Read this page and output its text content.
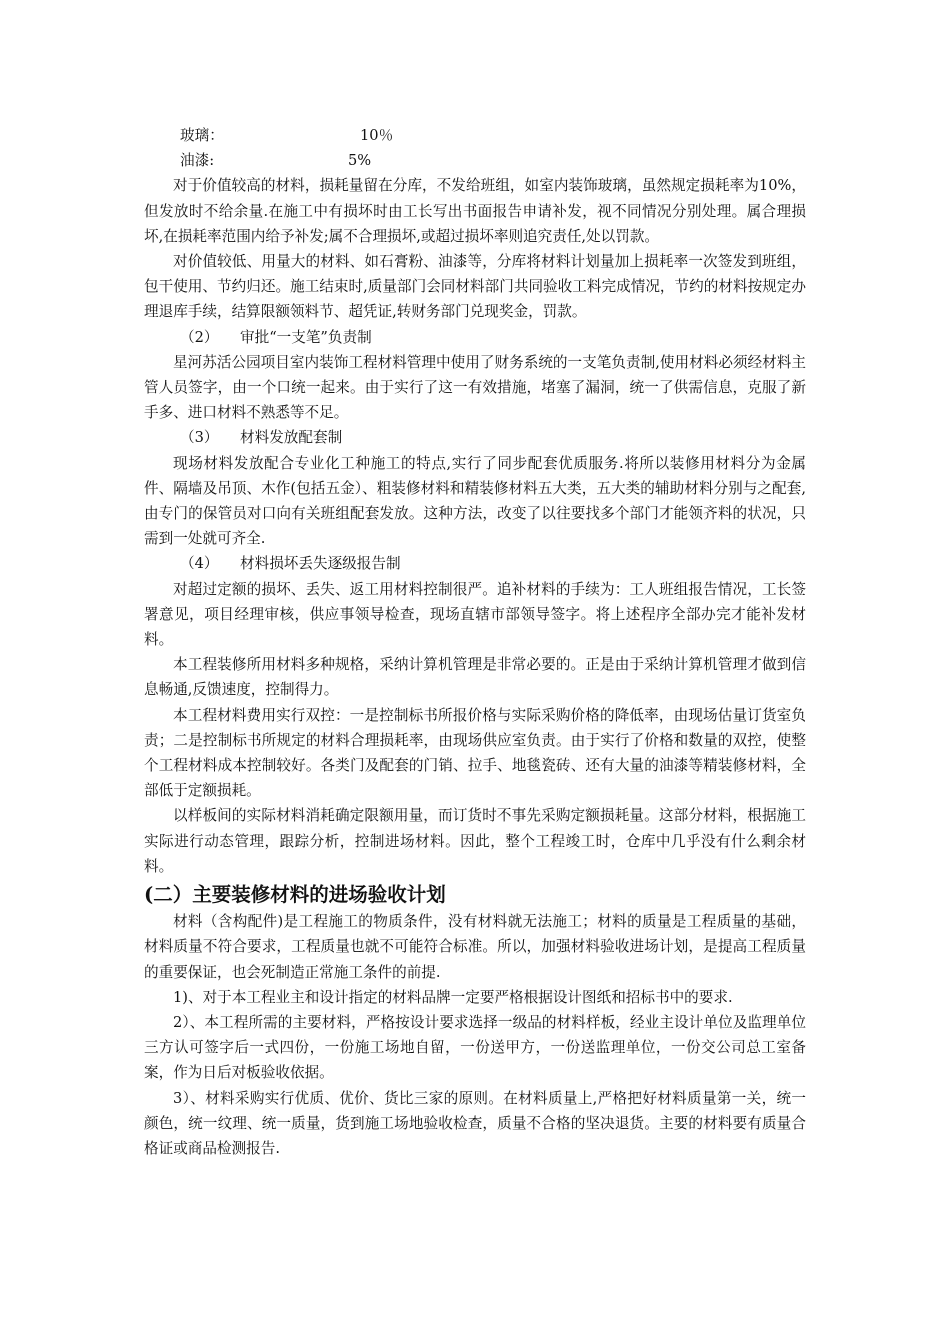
玻璃：	10％

油漆:	5%

对于价值较高的材料，损耗量留在分库，不发给班组，如室内装饰玻璃，虽然规定损耗率为10%，但发放时不给余量.在施工中有损坏时由工长写出书面报告申请补发，视不同情况分别处理。属合理损坏,在损耗率范围内给予补发;属不合理损坏,或超过损坏率则追究责任,处以罚款。

对价值较低、用量大的材料、如石膏粉、油漆等，分库将材料计划量加上损耗率一次签发到班组，包干使用、节约归还。施工结束时,质量部门会同材料部门共同验收工料完成情况，节约的材料按规定办理退库手续，结算限额领料节、超凭证,转财务部门兑现奖金，罚款。

（2） 审批“一支笔”负责制

星河苏活公园项目室内装饰工程材料管理中使用了财务系统的一支笔负责制,使用材料必须经材料主管人员签字，由一个口统一起来。由于实行了这一有效措施，堵塞了漏洞，统一了供需信息，克服了新手多、进口材料不熟悉等不足。

（3） 材料发放配套制

现场材料发放配合专业化工种施工的特点,实行了同步配套优质服务.将所以装修用材料分为金属件、隔墙及吊顶、木作(包括五金）、粗装修材料和精装修材料五大类，五大类的辅助材料分别与之配套,由专门的保管员对口向有关班组配套发放。这种方法，改变了以往要找多个部门才能领齐料的状况，只需到一处就可齐全.

（4） 材料损坏丢失逐级报告制

对超过定额的损坏、丢失、返工用材料控制很严。追补材料的手续为：工人班组报告情况，工长签署意见，项目经理审核，供应事领导检查，现场直辖市部领导签字。将上述程序全部办完才能补发材料。

本工程装修所用材料多种规格，采纳计算机管理是非常必要的。正是由于采纳计算机管理才做到信息畅通,反馈速度，控制得力。

本工程材料费用实行双控：一是控制标书所报价格与实际采购价格的降低率，由现场估量订货室负责；二是控制标书所规定的材料合理损耗率，由现场供应室负责。由于实行了价格和数量的双控，使整个工程材料成本控制较好。各类门及配套的门销、拉手、地毯瓷砖、还有大量的油漆等精装修材料，全部低于定额损耗。

以样板间的实际材料消耗确定限额用量，而订货时不事先采购定额损耗量。这部分材料，根据施工实际进行动态管理，跟踪分析，控制进场材料。因此，整个工程竣工时，仓库中几乎没有什么剩余材料。

(二）主要装修材料的进场验收计划

材料（含构配件)是工程施工的物质条件，没有材料就无法施工；材料的质量是工程质量的基础，材料质量不符合要求，工程质量也就不可能符合标准。所以，加强材料验收进场计划，是提高工程质量的重要保证，也会死制造正常施工条件的前提.

1)、对于本工程业主和设计指定的材料品牌一定要严格根据设计图纸和招标书中的要求.

2）、本工程所需的主要材料，严格按设计要求选择一级品的材料样板，经业主设计单位及监理单位三方认可签字后一式四份，一份施工场地自留，一份送甲方，一份送监理单位，一份交公司总工室备案，作为日后对板验收依据。

3）、材料采购实行优质、优价、货比三家的原则。在材料质量上,严格把好材料质量第一关，统一颜色，统一纹理、统一质量，货到施工场地验收检查，质量不合格的坚决退货。主要的材料要有质量合格证或商品检测报告.
